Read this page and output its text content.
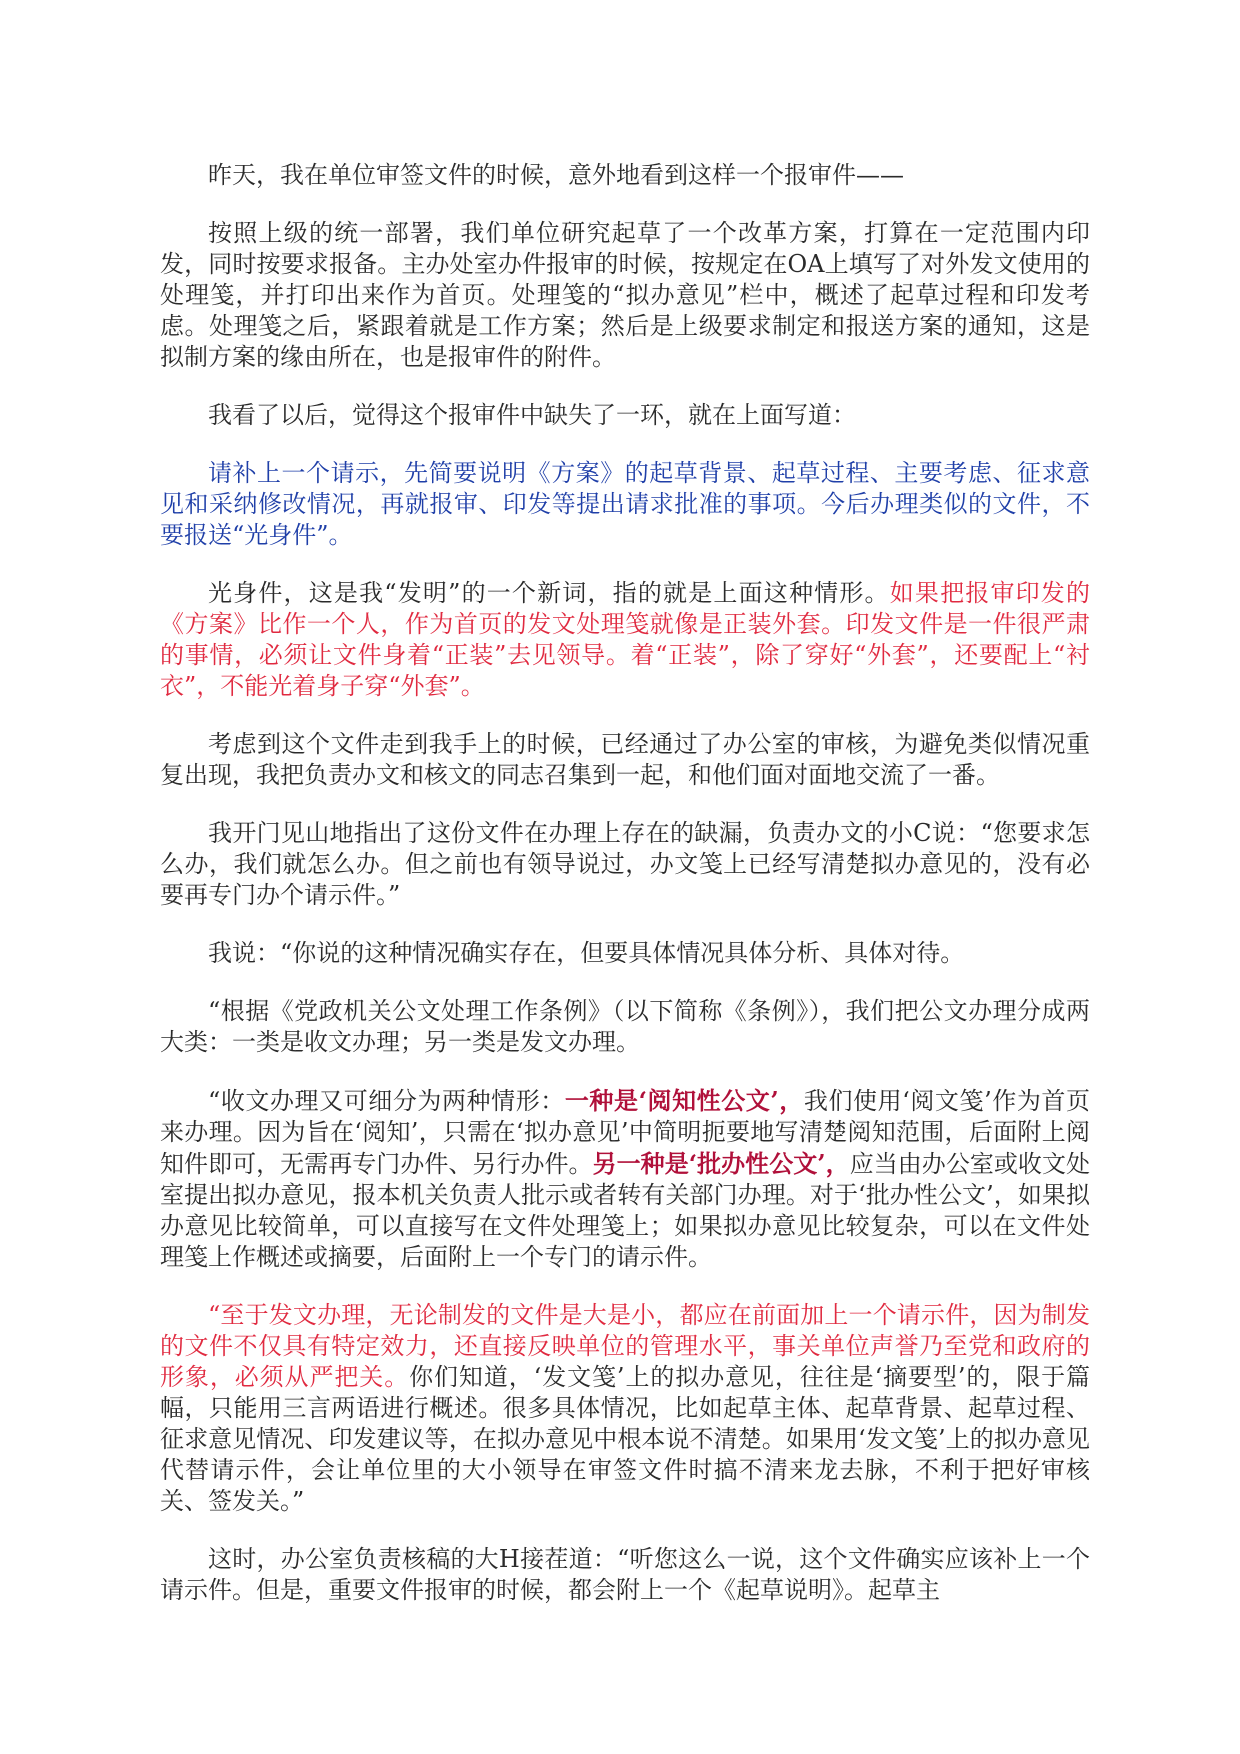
昨天，我在单位审签文件的时候，意外地看到这样一个报审件——

按照上级的统一部署，我们单位研究起草了一个改革方案，打算在一定范围内印发，同时按要求报备。主办处室办件报审的时候，按规定在OA上填写了对外发文使用的处理笺，并打印出来作为首页。处理笺的“拟办意见”栏中，概述了起草过程和印发考虑。处理笺之后，紧跟着就是工作方案；然后是上级要求制定和报送方案的通知，这是拟制方案的缘由所在，也是报审件的附件。

我看了以后，觉得这个报审件中缺失了一环，就在上面写道：

请补上一个请示，先简要说明《方案》的起草背景、起草过程、主要考虑、征求意见和采纳修改情况，再就报审、印发等提出请求批准的事项。今后办理类似的文件，不要报送“光身件”。

光身件，这是我“发明”的一个新词，指的就是上面这种情形。如果把报审印发的《方案》比作一个人，作为首页的发文处理笺就像是正装外套。印发文件是一件很严肃的事情，必须让文件身着“正装”去见领导。着“正装”，除了穿好“外套”，还要配上“衬衣”，不能光着身子穿“外套”。

考虑到这个文件走到我手上的时候，已经通过了办公室的审核，为避免类似情况重复出现，我把负责办文和核文的同志召集到一起，和他们面对面地交流了一番。

我开门见山地指出了这份文件在办理上存在的缺漏，负责办文的小C说：“您要求怎么办，我们就怎么办。但之前也有领导说过，办文笺上已经写清楚拟办意见的，没有必要再专门办个请示件。”

我说：“你说的这种情况确实存在，但要具体情况具体分析、具体对待。

“根据《党政机关公文处理工作条例》（以下简称《条例》），我们把公文办理分成两大类：一类是收文办理；另一类是发文办理。

“收文办理又可细分为两种情形：一种是‘阅知性公文’，我们使用‘阅文笺’作为首页来办理。因为旨在‘阅知’，只需在‘拟办意见’中简明扼要地写清楚阅知范围，后面附上阅知件即可，无需再专门办件、另行办件。另一种是‘批办性公文’，应当由办公室或收文处室提出拟办意见，报本机关负责人批示或者转有关部门办理。对于‘批办性公文’，如果拟办意见比较简单，可以直接写在文件处理笺上；如果拟办意见比较复杂，可以在文件处理笺上作概述或摘要，后面附上一个专门的请示件。

“至于发文办理，无论制发的文件是大是小，都应在前面加上一个请示件，因为制发的文件不仅具有特定效力，还直接反映单位的管理水平，事关单位声誉乃至党和政府的形象，必须从严把关。你们知道，‘发文笺’上的拟办意见，往往是‘摘要型’的，限于篇幅，只能用三言两语进行概述。很多具体情况，比如起草主体、起草背景、起草过程、征求意见情况、印发建议等，在拟办意见中根本说不清楚。如果用‘发文笺’上的拟办意见代替请示件，会让单位里的大小领导在审签文件时搞不清来龙去脉，不利于把好审核关、签发关。”

这时，办公室负责核稿的大H接茬道：“听您这么一说，这个文件确实应该补上一个请示件。但是，重要文件报审的时候，都会附上一个《起草说明》。起草主
